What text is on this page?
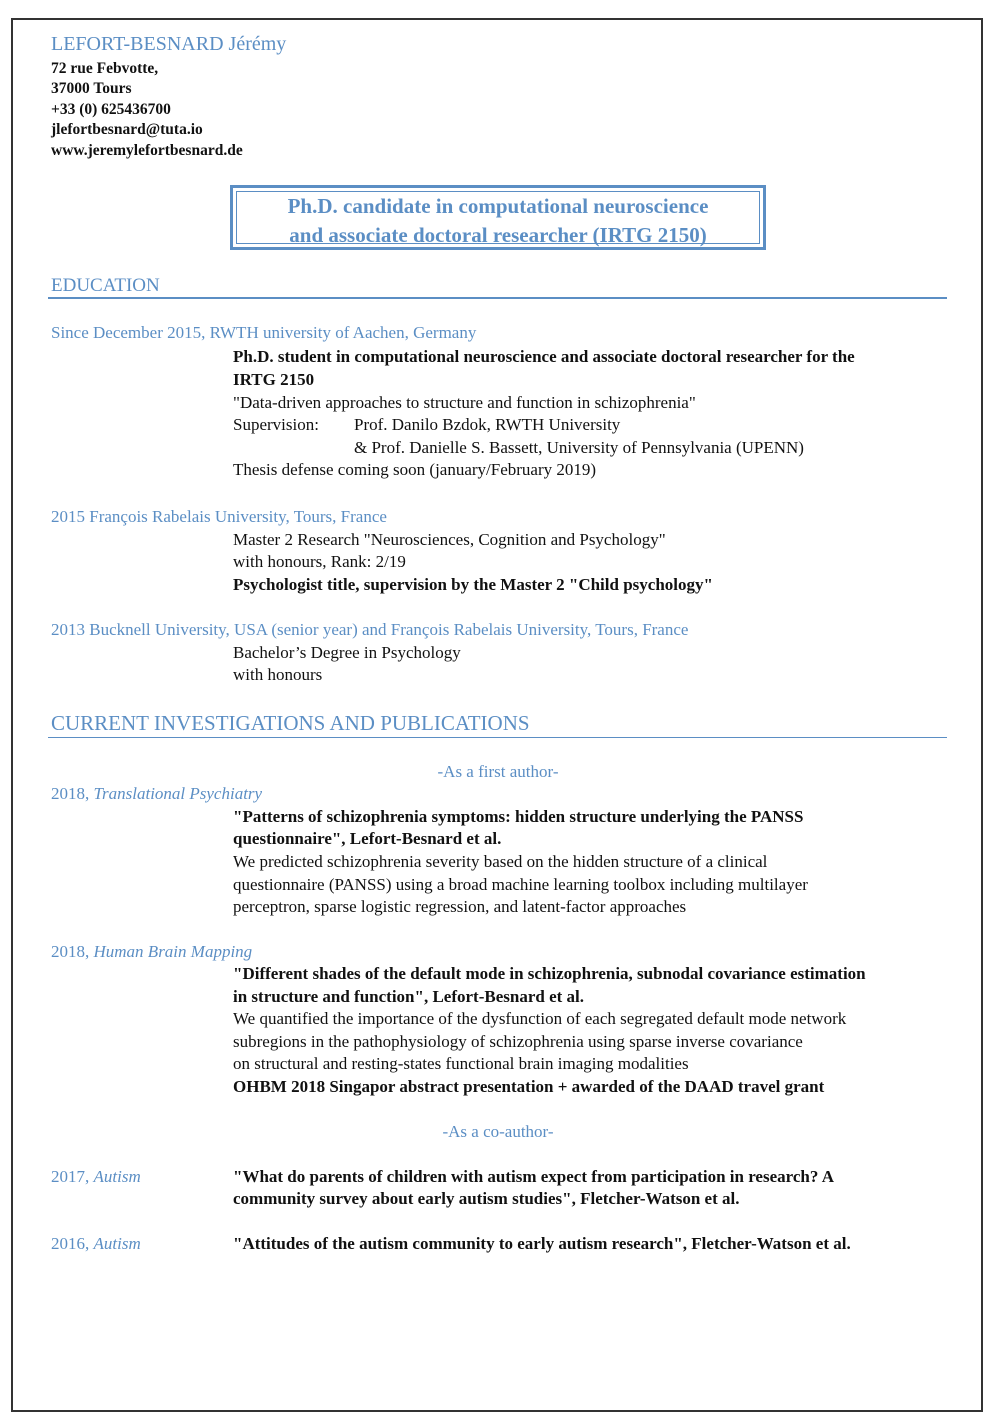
LEFORT-BESNARD Jérémy
72 rue Febvotte,
37000 Tours
+33 (0) 625436700
jlefortbesnard@tuta.io
www.jeremylefortbesnard.de
Ph.D. candidate in computational neuroscience
and associate doctoral researcher (IRTG 2150)
EDUCATION
Since December 2015, RWTH university of Aachen, Germany
Ph.D. student in computational neuroscience and associate doctoral researcher for the
IRTG 2150
"Data-driven approaches to structure and function in schizophrenia"
Supervision: Prof. Danilo Bzdok, RWTH University
& Prof. Danielle S. Bassett, University of Pennsylvania (UPENN)
Thesis defense coming soon (january/February 2019)
2015 François Rabelais University, Tours, France
Master 2 Research "Neurosciences, Cognition and Psychology"
with honours, Rank: 2/19
Psychologist title, supervision by the Master 2 "Child psychology"
2013 Bucknell University, USA (senior year) and François Rabelais University, Tours, France
Bachelor’s Degree in Psychology
with honours
CURRENT INVESTIGATIONS AND PUBLICATIONS
-As a first author-
2018, Translational Psychiatry
"Patterns of schizophrenia symptoms: hidden structure underlying the PANSS
questionnaire", Lefort-Besnard et al.
We predicted schizophrenia severity based on the hidden structure of a clinical
questionnaire (PANSS) using a broad machine learning toolbox including multilayer
perceptron, sparse logistic regression, and latent-factor approaches
2018, Human Brain Mapping
"Different shades of the default mode in schizophrenia, subnodal covariance estimation
in structure and function", Lefort-Besnard et al.
We quantified the importance of the dysfunction of each segregated default mode network
subregions in the pathophysiology of schizophrenia using sparse inverse covariance
on structural and resting-states functional brain imaging modalities
OHBM 2018 Singapor abstract presentation + awarded of the DAAD travel grant
-As a co-author-
2017, Autism	"What do parents of children with autism expect from participation in research? A
community survey about early autism studies", Fletcher-Watson et al.
2016, Autism	"Attitudes of the autism community to early autism research", Fletcher-Watson et al.
